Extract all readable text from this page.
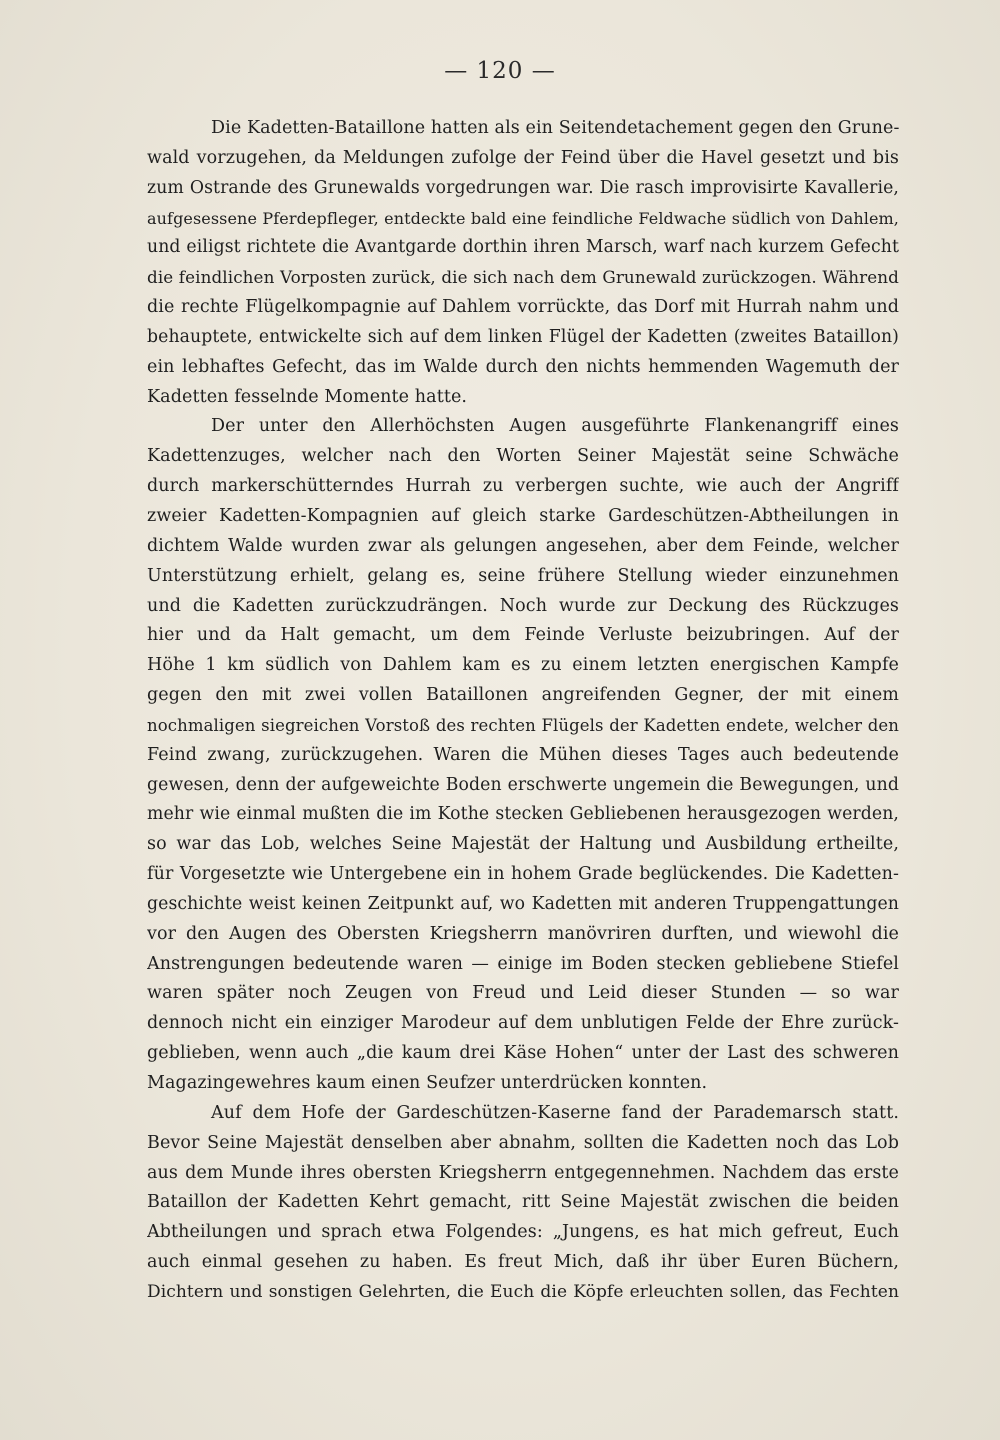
— 120 —
Die Kadetten-Bataillone hatten als ein Seitendetachement gegen den Grune-
wald vorzugehen, da Meldungen zufolge der Feind über die Havel gesetzt und bis
zum Ostrande des Grunewalds vorgedrungen war. Die rasch improvisirte Kavallerie,
aufgesessene Pferdepfleger, entdeckte bald eine feindliche Feldwache südlich von Dahlem,
und eiligst richtete die Avantgarde dorthin ihren Marsch, warf nach kurzem Gefecht
die feindlichen Vorposten zurück, die sich nach dem Grunewald zurückzogen. Während
die rechte Flügelkompagnie auf Dahlem vorrückte, das Dorf mit Hurrah nahm und
behauptete, entwickelte sich auf dem linken Flügel der Kadetten (zweites Bataillon)
ein lebhaftes Gefecht, das im Walde durch den nichts hemmenden Wagemuth der
Kadetten fesselnde Momente hatte.
Der unter den Allerhöchsten Augen ausgeführte Flankenangriff eines
Kadettenzuges, welcher nach den Worten Seiner Majestät seine Schwäche
durch markerschütterndes Hurrah zu verbergen suchte, wie auch der Angriff
zweier Kadetten-Kompagnien auf gleich starke Gardeschützen-Abtheilungen in
dichtem Walde wurden zwar als gelungen angesehen, aber dem Feinde, welcher
Unterstützung erhielt, gelang es, seine frühere Stellung wieder einzunehmen
und die Kadetten zurückzudrängen. Noch wurde zur Deckung des Rückzuges
hier und da Halt gemacht, um dem Feinde Verluste beizubringen. Auf der
Höhe 1 km südlich von Dahlem kam es zu einem letzten energischen Kampfe
gegen den mit zwei vollen Bataillonen angreifenden Gegner, der mit einem
nochmaligen siegreichen Vorstoß des rechten Flügels der Kadetten endete, welcher den
Feind zwang, zurückzugehen. Waren die Mühen dieses Tages auch bedeutende
gewesen, denn der aufgeweichte Boden erschwerte ungemein die Bewegungen, und
mehr wie einmal mußten die im Kothe stecken Gebliebenen herausgezogen werden,
so war das Lob, welches Seine Majestät der Haltung und Ausbildung ertheilte,
für Vorgesetzte wie Untergebene ein in hohem Grade beglückendes. Die Kadetten-
geschichte weist keinen Zeitpunkt auf, wo Kadetten mit anderen Truppengattungen
vor den Augen des Obersten Kriegsherrn manövriren durften, und wiewohl die
Anstrengungen bedeutende waren — einige im Boden stecken gebliebene Stiefel
waren später noch Zeugen von Freud und Leid dieser Stunden — so war
dennoch nicht ein einziger Marodeur auf dem unblutigen Felde der Ehre zurück-
geblieben, wenn auch „die kaum drei Käse Hohen“ unter der Last des schweren
Magazingewehres kaum einen Seufzer unterdrücken konnten.
Auf dem Hofe der Gardeschützen-Kaserne fand der Parademarsch statt.
Bevor Seine Majestät denselben aber abnahm, sollten die Kadetten noch das Lob
aus dem Munde ihres obersten Kriegsherrn entgegennehmen. Nachdem das erste
Bataillon der Kadetten Kehrt gemacht, ritt Seine Majestät zwischen die beiden
Abtheilungen und sprach etwa Folgendes: „Jungens, es hat mich gefreut, Euch
auch einmal gesehen zu haben. Es freut Mich, daß ihr über Euren Büchern,
Dichtern und sonstigen Gelehrten, die Euch die Köpfe erleuchten sollen, das Fechten
